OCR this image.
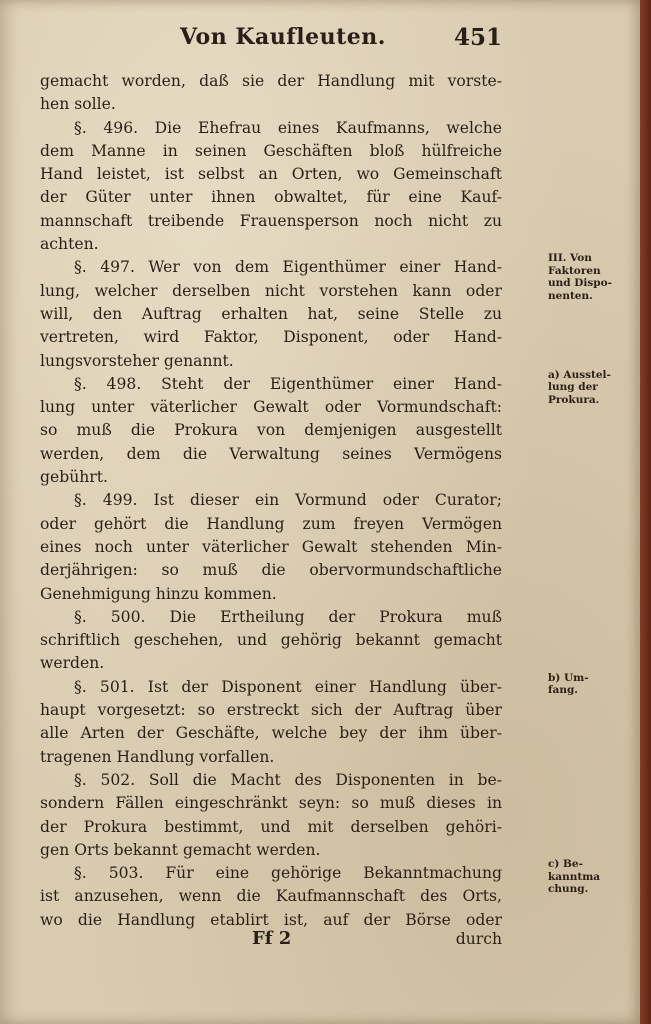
Von Kaufleuten.	451
gemacht worden, daß sie der Handlung mit vorste-
hen solle.
§. 496. Die Ehefrau eines Kaufmanns, welche
dem Manne in seinen Geschäften bloß hülfreiche
Hand leistet, ist selbst an Orten, wo Gemeinschaft
der Güter unter ihnen obwaltet, für eine Kauf-
mannschaft treibende Frauensperson noch nicht zu
achten.
§. 497. Wer von dem Eigenthümer einer Hand-
lung, welcher derselben nicht vorstehen kann oder
will, den Auftrag erhalten hat, seine Stelle zu
vertreten, wird Faktor, Disponent, oder Hand-
lungsvorsteher genannt.
§. 498. Steht der Eigenthümer einer Hand-
lung unter väterlicher Gewalt oder Vormundschaft:
so muß die Prokura von demjenigen ausgestellt
werden, dem die Verwaltung seines Vermögens
gebührt.
§. 499. Ist dieser ein Vormund oder Curator;
oder gehört die Handlung zum freyen Vermögen
eines noch unter väterlicher Gewalt stehenden Min-
derjährigen: so muß die obervormundschaftliche
Genehmigung hinzu kommen.
§. 500. Die Ertheilung der Prokura muß
schriftlich geschehen, und gehörig bekannt gemacht
werden.
§. 501. Ist der Disponent einer Handlung über-
haupt vorgesetzt: so erstreckt sich der Auftrag über
alle Arten der Geschäfte, welche bey der ihm über-
tragenen Handlung vorfallen.
§. 502. Soll die Macht des Disponenten in be-
sondern Fällen eingeschränkt seyn: so muß dieses in
der Prokura bestimmt, und mit derselben gehöri-
gen Orts bekannt gemacht werden.
§. 503. Für eine gehörige Bekanntmachung
ist anzusehen, wenn die Kaufmannschaft des Orts,
wo die Handlung etablirt ist, auf der Börse oder
III. Von
Faktoren
und Dispo-
nenten.
a) Ausstel-
lung der
Prokura.
b) Um-
fang.
c) Be-
kanntma
chung.
Ff 2	durch
